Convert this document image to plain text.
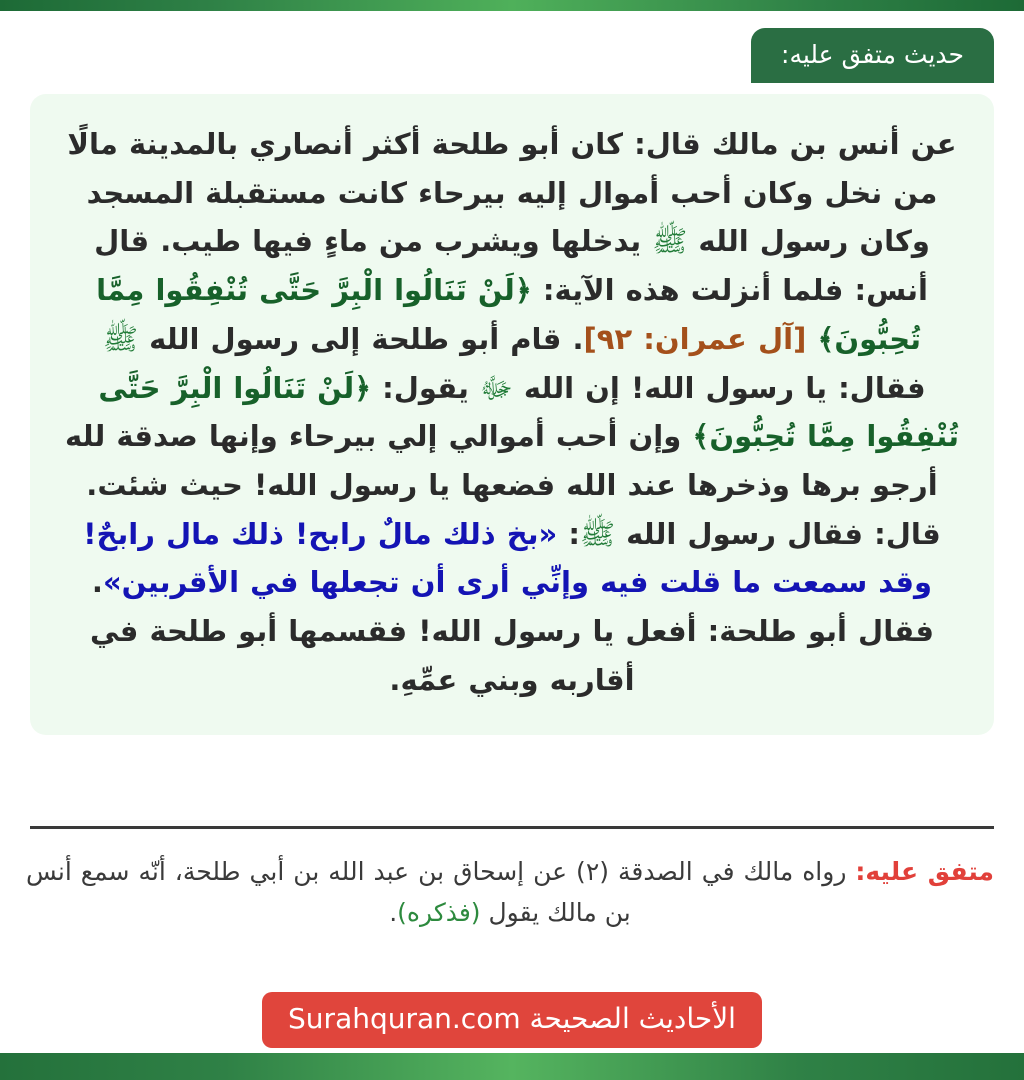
حديث متفق عليه:
عن أنس بن مالك قال: كان أبو طلحة أكثر أنصاري بالمدينة مالًا من نخل وكان أحب أموال إليه بيرحاء كانت مستقبلة المسجد وكان رسول الله ﷺ يدخلها ويشرب من ماءٍ فيها طيب. قال أنس: فلما أنزلت هذه الآية: ﴿لَنْ تَنَالُوا الْبِرَّ حَتَّى تُنْفِقُوا مِمَّا تُحِبُّونَ﴾ [آل عمران: ٩٢]. قام أبو طلحة إلى رسول الله ﷺ فقال: يا رسول الله! إن الله ﷻ يقول: ﴿لَنْ تَنَالُوا الْبِرَّ حَتَّى تُنْفِقُوا مِمَّا تُحِبُّونَ﴾ وإن أحب أموالي إلي بيرحاء وإنها صدقة لله أرجو برها وذخرها عند الله فضعها يا رسول الله! حيث شئت. قال: فقال رسول الله ﷺ: «بخ ذلك مالٌ رابح! ذلك مال رابحٌ! وقد سمعت ما قلت فيه وإنِّي أرى أن تجعلها في الأقربين». فقال أبو طلحة: أفعل يا رسول الله! فقسمها أبو طلحة في أقاربه وبني عمِّهِ.
متفق عليه: رواه مالك في الصدقة (٢) عن إسحاق بن عبد الله بن أبي طلحة، أنّه سمع أنس بن مالك يقول (فذكره).
الأحاديث الصحيحة Surahquran.com
